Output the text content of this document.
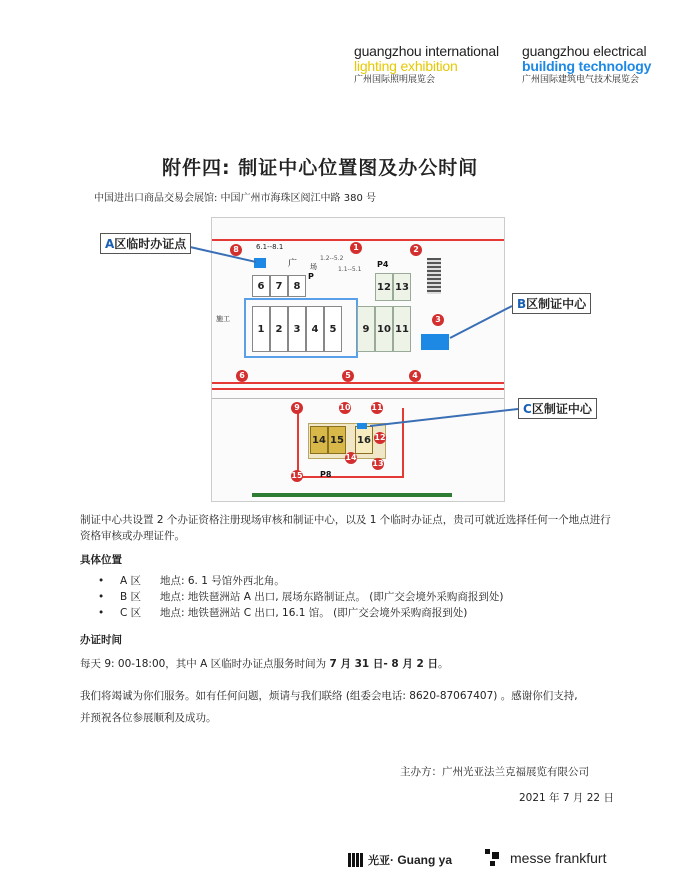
guangzhou international
lighting exhibition
广州国际照明展览会
guangzhou electrical
building technology
广州国际建筑电气技术展览会
附件四: 制证中心位置图及办公时间
中国进出口商品交易会展馆: 中国广州市海珠区阅江中路 380 号
6	7	8
1	2	3	4	5
12 13
9 10 11
6.1--8.1
1.2--5.2
1.1--5.1
广 场
P
P4
P8
施工
14 15 16
8	1	2
3
4
5
6
9	10	11
12
13
14
15
A区临时办证点
B区制证中心
C区制证中心
制证中心共设置 2 个办证资格注册现场审核和制证中心，以及 1 个临时办证点，贵司可就近选择任何一个地点进行资格审核或办理证件。
具体位置
•	A 区	地点: 6. 1 号馆外西北角。
•	B 区	地点: 地铁琶洲站 A 出口, 展场东路制证点。 (即广交会境外采购商报到处)
•	C 区	地点: 地铁琶洲站 C 出口, 16.1 馆。 (即广交会境外采购商报到处)
办证时间
每天 9: 00-18:00，其中 A 区临时办证点服务时间为 7 月 31 日- 8 月 2 日。
我们将竭诚为你们服务。如有任何问题，烦请与我们联络 (组委会电话: 8620-87067407) 。感谢你们支持,
并预祝各位参展顺利及成功。
主办方：广州光亚法兰克福展览有限公司
2021 年 7 月 22 日
光亚 · Guang ya	messe frankfurt
